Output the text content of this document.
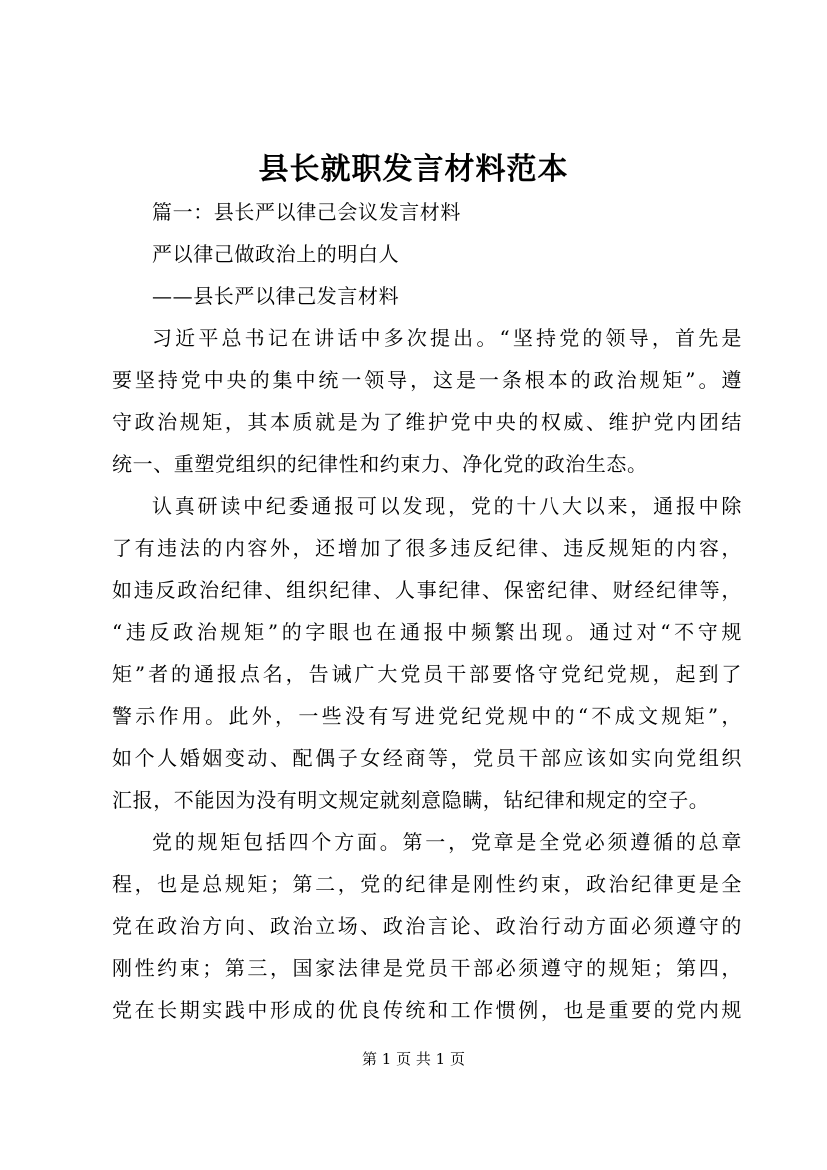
县长就职发言材料范本

篇一：县长严以律己会议发言材料

严以律己做政治上的明白人

——县长严以律己发言材料

习近平总书记在讲话中多次提出。“坚持党的领导，首先是

要坚持党中央的集中统一领导，这是一条根本的政治规矩”。遵

守政治规矩，其本质就是为了维护党中央的权威、维护党内团结

统一、重塑党组织的纪律性和约束力、净化党的政治生态。

认真研读中纪委通报可以发现，党的十八大以来，通报中除

了有违法的内容外，还增加了很多违反纪律、违反规矩的内容，

如违反政治纪律、组织纪律、人事纪律、保密纪律、财经纪律等，

“违反政治规矩”的字眼也在通报中频繁出现。通过对“不守规

矩”者的通报点名，告诫广大党员干部要恪守党纪党规，起到了

警示作用。此外，一些没有写进党纪党规中的“不成文规矩”，

如个人婚姻变动、配偶子女经商等，党员干部应该如实向党组织

汇报，不能因为没有明文规定就刻意隐瞒，钻纪律和规定的空子。

党的规矩包括四个方面。第一，党章是全党必须遵循的总章

程，也是总规矩；第二，党的纪律是刚性约束，政治纪律更是全

党在政治方向、政治立场、政治言论、政治行动方面必须遵守的

刚性约束；第三，国家法律是党员干部必须遵守的规矩；第四，

党在长期实践中形成的优良传统和工作惯例，也是重要的党内规

第 1 页 共 1 页
